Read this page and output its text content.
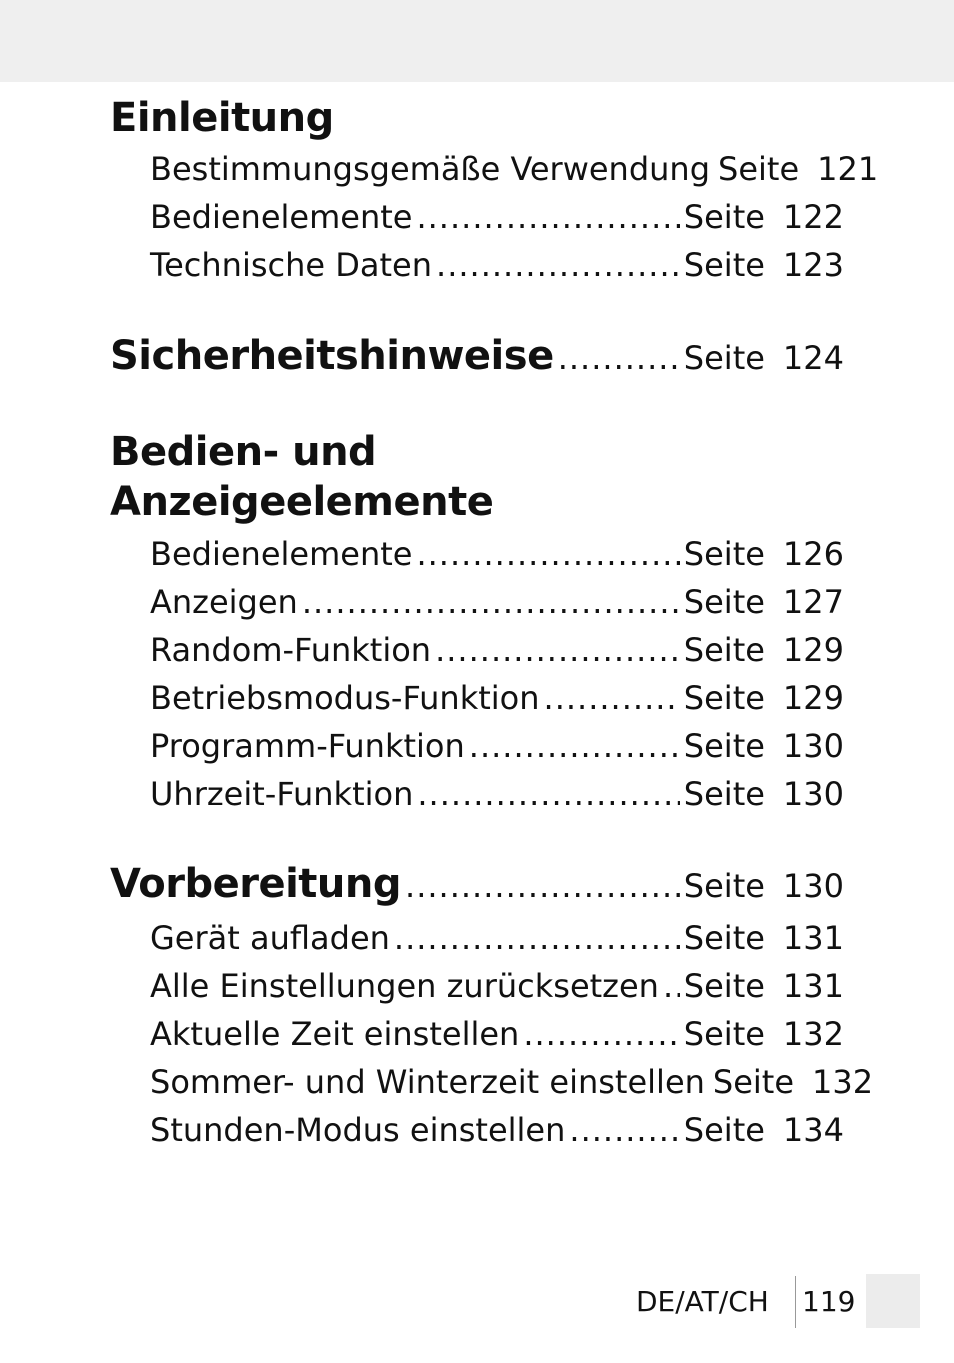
Einleitung
Bestimmungsgemäße Verwendung Seite 121
Bedienelemente .....	Seite 122
Technische Daten .....	Seite 123
Sicherheitshinweise .....	Seite 124
Bedien- und
Anzeigeelemente
Bedienelemente .....	Seite 126
Anzeigen .....	Seite 127
Random-Funktion .....	Seite 129
Betriebsmodus-Funktion .....	Seite 129
Programm-Funktion .....	Seite 130
Uhrzeit-Funktion .....	Seite 130
Vorbereitung .....	Seite 130
Gerät aufladen .....	Seite 131
Alle Einstellungen zurücksetzen ..... Seite 131
Aktuelle Zeit einstellen .....	Seite 132
Sommer- und Winterzeit einstellen Seite 132
Stunden-Modus einstellen .....	Seite 134
DE/AT/CH 119
